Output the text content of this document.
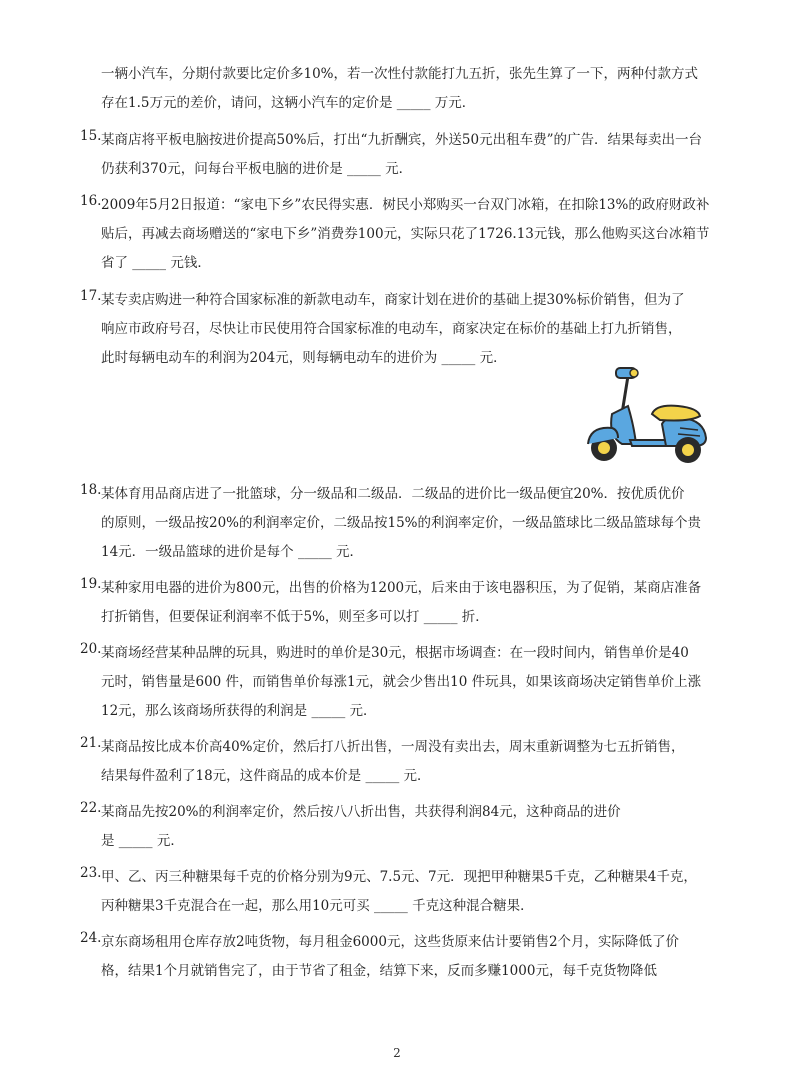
一辆小汽车，分期付款要比定价多10%，若一次性付款能打九五折，张先生算了一下，两种付款方式
存在1.5万元的差价，请问，这辆小汽车的定价是 _____ 万元．
15. 某商店将平板电脑按进价提高50%后，打出“九折酬宾，外送50元出租车费”的广告．结果每卖出一台
仍获利370元，问每台平板电脑的进价是 _____ 元．
16. 2009年5月2日报道：“家电下乡”农民得实惠．树民小郑购买一台双门冰箱，在扣除13%的政府财政补
贴后，再减去商场赠送的“家电下乡”消费券100元，实际只花了1726.13元钱，那么他购买这台冰箱节
省了 _____ 元钱．
17. 某专卖店购进一种符合国家标准的新款电动车，商家计划在进价的基础上提30%标价销售，但为了
响应市政府号召，尽快让市民使用符合国家标准的电动车，商家决定在标价的基础上打九折销售，
此时每辆电动车的利润为204元，则每辆电动车的进价为 _____ 元．
18. 某体育用品商店进了一批篮球，分一级品和二级品．二级品的进价比一级品便宜20%．按优质优价
的原则，一级品按20%的利润率定价，二级品按15%的利润率定价，一级品篮球比二级品篮球每个贵
14元．一级品篮球的进价是每个 _____ 元．
19. 某种家用电器的进价为800元，出售的价格为1200元，后来由于该电器积压，为了促销，某商店准备
打折销售，但要保证利润率不低于5%，则至多可以打 _____ 折．
20. 某商场经营某种品牌的玩具，购进时的单价是30元，根据市场调查：在一段时间内，销售单价是40
元时，销售量是600 件，而销售单价每涨1元，就会少售出10 件玩具，如果该商场决定销售单价上涨
12元，那么该商场所获得的利润是 _____ 元．
21. 某商品按比成本价高40%定价，然后打八折出售，一周没有卖出去，周末重新调整为七五折销售，
结果每件盈利了18元，这件商品的成本价是 _____ 元．
22. 某商品先按20%的利润率定价，然后按八八折出售，共获得利润84元，这种商品的进价
是 _____ 元．
23. 甲、乙、丙三种糖果每千克的价格分别为9元、7.5元、7元．现把甲种糖果5千克，乙种糖果4千克，
丙种糖果3千克混合在一起，那么用10元可买 _____ 千克这种混合糖果．
24. 京东商场租用仓库存放2吨货物，每月租金6000元，这些货原来估计要销售2个月，实际降低了价
格，结果1个月就销售完了，由于节省了租金，结算下来，反而多赚1000元，每千克货物降低
2
